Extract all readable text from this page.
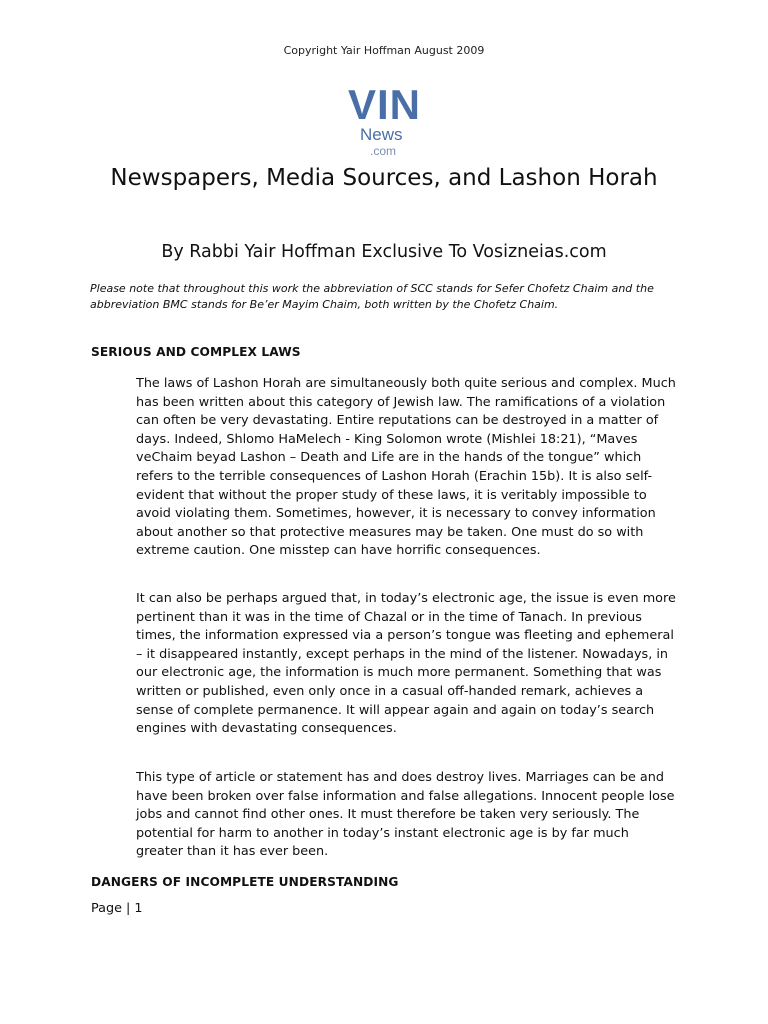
Copyright Yair Hoffman August 2009
VIN
News
.com
Newspapers, Media Sources, and Lashon Horah
By Rabbi Yair Hoffman Exclusive To Vosizneias.com

Please note that throughout this work the abbreviation of SCC stands for Sefer Chofetz Chaim and the abbreviation BMC stands for Be’er Mayim Chaim, both written by the Chofetz Chaim.

SERIOUS AND COMPLEX LAWS

The laws of Lashon Horah are simultaneously both quite serious and complex. Much has been written about this category of Jewish law. The ramifications of a violation can often be very devastating. Entire reputations can be destroyed in a matter of days. Indeed, Shlomo HaMelech - King Solomon wrote (Mishlei 18:21), “Maves veChaim beyad Lashon – Death and Life are in the hands of the tongue” which refers to the terrible consequences of Lashon Horah (Erachin 15b). It is also self-evident that without the proper study of these laws, it is veritably impossible to avoid violating them. Sometimes, however, it is necessary to convey information about another so that protective measures may be taken. One must do so with extreme caution. One misstep can have horrific consequences.

It can also be perhaps argued that, in today’s electronic age, the issue is even more pertinent than it was in the time of Chazal or in the time of Tanach. In previous times, the information expressed via a person’s tongue was fleeting and ephemeral – it disappeared instantly, except perhaps in the mind of the listener. Nowadays, in our electronic age, the information is much more permanent. Something that was written or published, even only once in a casual off-handed remark, achieves a sense of complete permanence. It will appear again and again on today’s search engines with devastating consequences.

This type of article or statement has and does destroy lives. Marriages can be and have been broken over false information and false allegations. Innocent people lose jobs and cannot find other ones. It must therefore be taken very seriously. The potential for harm to another in today’s instant electronic age is by far much greater than it has ever been.

DANGERS OF INCOMPLETE UNDERSTANDING
Page | 1
